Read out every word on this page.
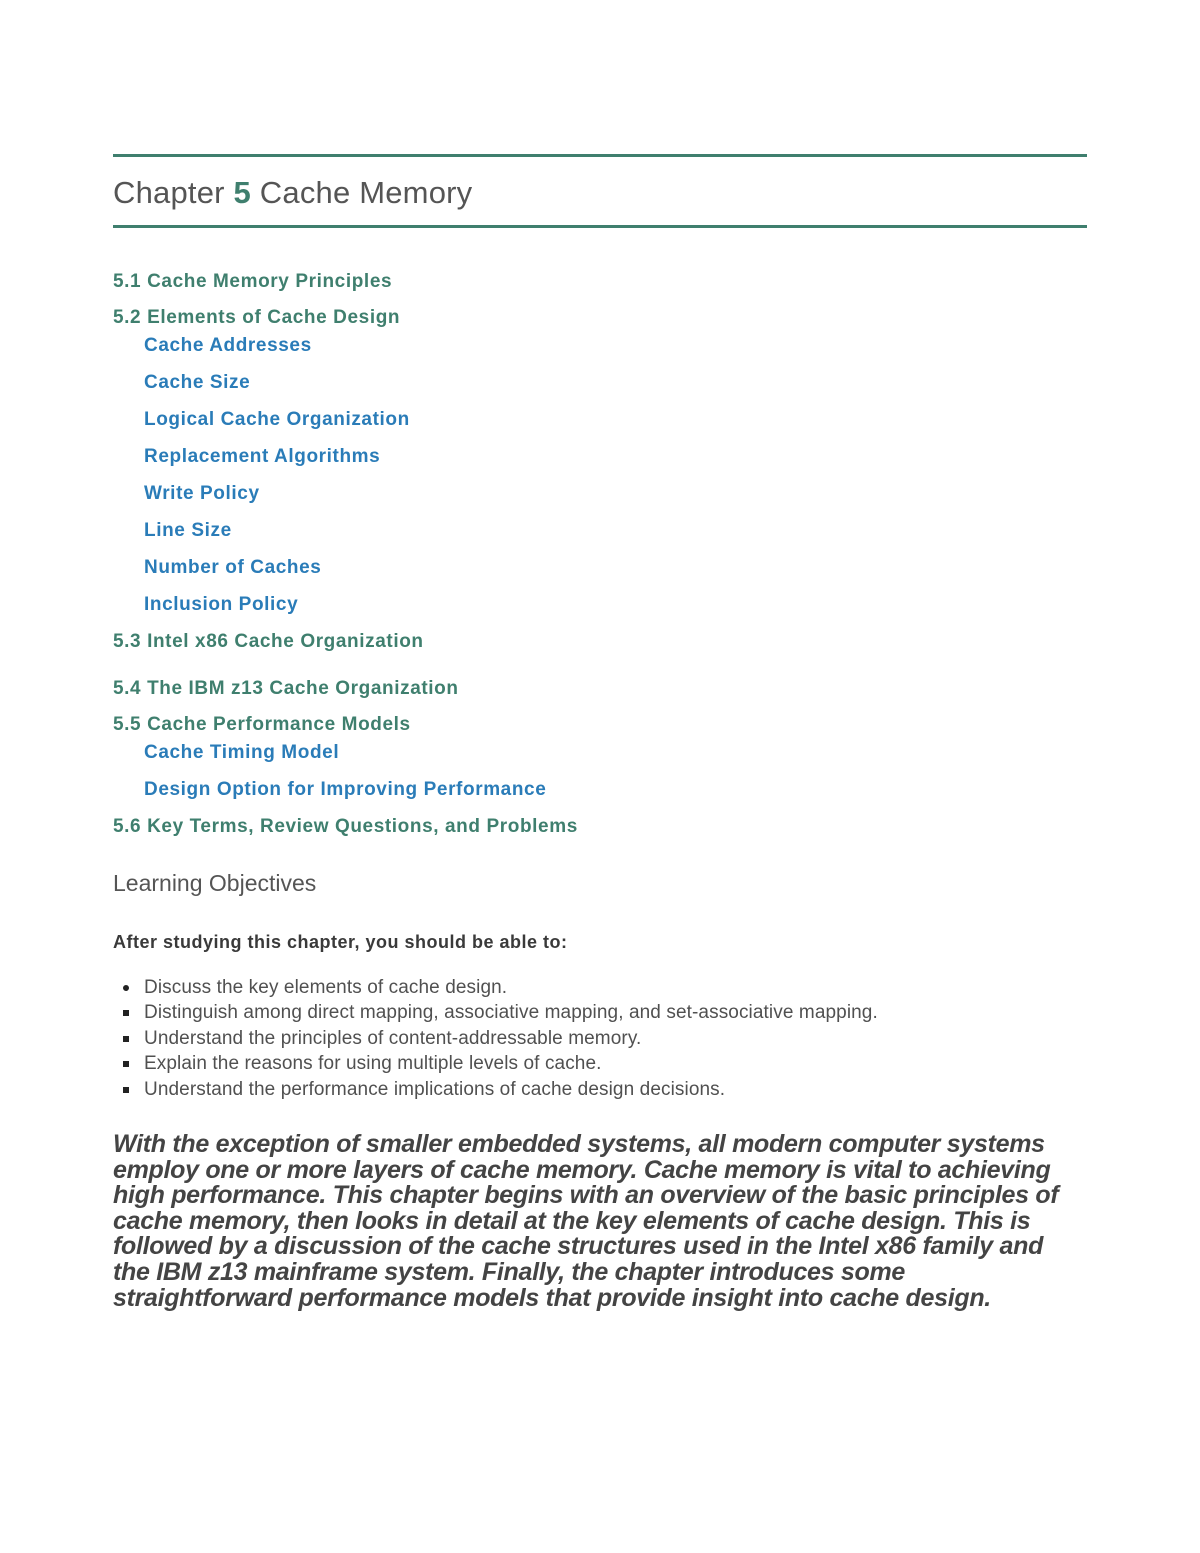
Chapter 5 Cache Memory
5.1 Cache Memory Principles
5.2 Elements of Cache Design
Cache Addresses
Cache Size
Logical Cache Organization
Replacement Algorithms
Write Policy
Line Size
Number of Caches
Inclusion Policy
5.3 Intel x86 Cache Organization
5.4 The IBM z13 Cache Organization
5.5 Cache Performance Models
Cache Timing Model
Design Option for Improving Performance
5.6 Key Terms, Review Questions, and Problems
Learning Objectives

After studying this chapter, you should be able to:

Discuss the key elements of cache design.
Distinguish among direct mapping, associative mapping, and set-associative mapping.
Understand the principles of content-addressable memory.
Explain the reasons for using multiple levels of cache.
Understand the performance implications of cache design decisions.

With the exception of smaller embedded systems, all modern computer systems employ one or more layers of cache memory. Cache memory is vital to achieving high performance. This chapter begins with an overview of the basic principles of cache memory, then looks in detail at the key elements of cache design. This is followed by a discussion of the cache structures used in the Intel x86 family and the IBM z13 mainframe system. Finally, the chapter introduces some straightforward performance models that provide insight into cache design.
